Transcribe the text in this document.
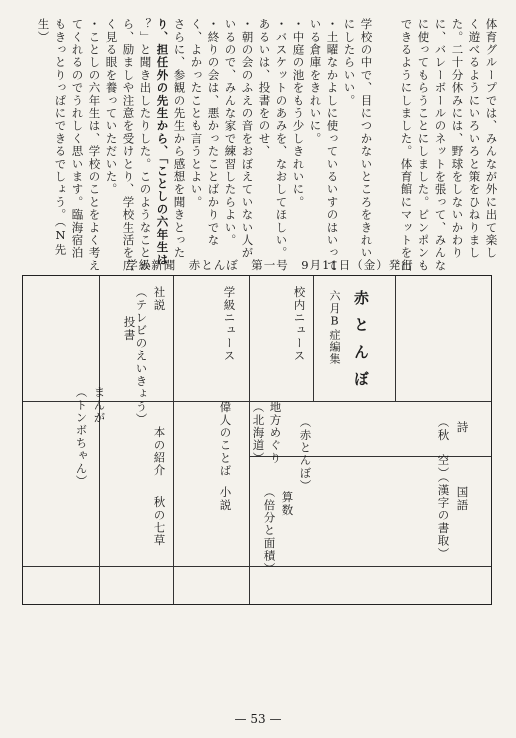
体育グループでは、みんなが外に出て楽し
く遊べるようにいろいろと策をひねりまし
た。二十分休みには、野球をしないかわり
に、バレーボールのネットを張って、みんな
に使ってもらうことにしました。ピンポンも
できるようにしました。体育館にマットを出
学校の中で、目につかないところをきれい
にしたらいい。
・土曜なかよしに使っているいすのはいって
いる倉庫をきれいに。
・中庭の池をもう少しきれいに。
・バスケットのあみを、なおしてほしい。
あるいは、投書をのせ、
・朝の会のふえの音をおぼえていない人が
いるので、みんな家で練習したらよい。
・終りの会は、悪かったことばかりでな
く、よかったことも言うとよい。
さらに、参観の先生から感想を聞きとった
り、担任外の先生から、「ことしの六年生は
？」と聞き出したりした。このようなことか
ら、励ましや注意を受けとり、学校生活を広
く見る眼を養っていただいた。
・ことしの六年生は、学校のことをよく考え
てくれるのでうれしく思います。臨海宿泊
もきっとりっぱにできるでしょう。（N先
生）
学級新聞　赤とんぼ　第一号　9月11日（金）発行
赤とんぼ
六月B症編集
詩
（秋　空）
国語
（漢字の書取）
校内ニュース
（赤とんぼ）
算数
（倍分と面積）
地方めぐり
（北海道）
偉人のことば
小説
学級ニュース
社説
（テレビのえいきょう）
本の紹介
秋の七草
投書
まんが
（トンボちゃん）
— 53 —
